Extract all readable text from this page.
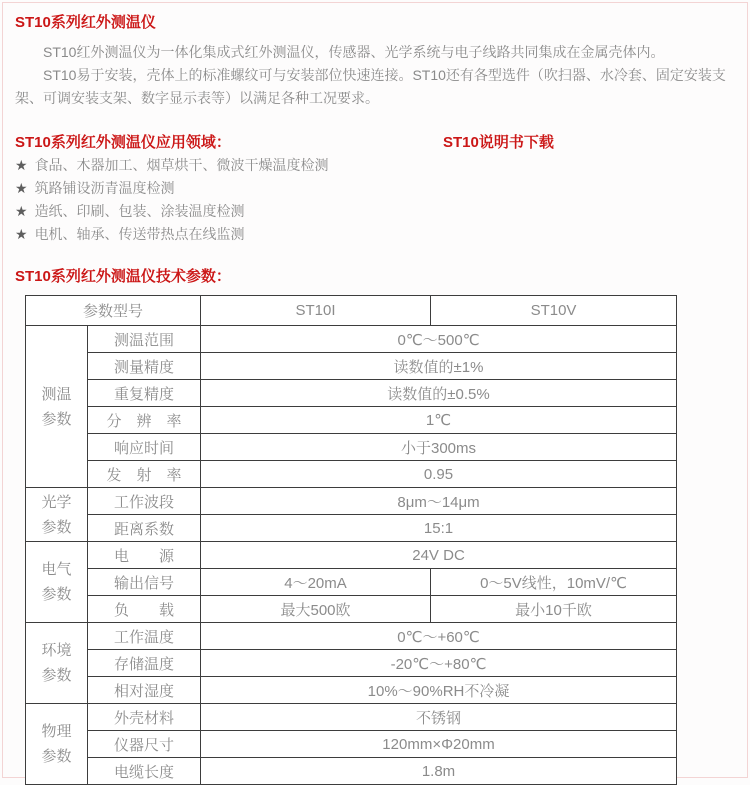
ST10系列红外测温仪

ST10红外测温仪为一体化集成式红外测温仪，传感器、光学系统与电子线路共同集成在金属壳体内。

ST10易于安装，壳体上的标准螺纹可与安装部位快速连接。ST10还有各型选件（吹扫器、水冷套、固定安装支架、可调安装支架、数字显示表等）以满足各种工况要求。

ST10系列红外测温仪应用领域：	ST10说明书下载
★ 食品、木器加工、烟草烘干、微波干燥温度检测
★ 筑路铺设沥青温度检测
★ 造纸、印刷、包装、涂装温度检测
★ 电机、轴承、传送带热点在线监测
ST10系列红外测温仪技术参数：
参数型号		ST10I	ST10V
测温参数	测温范围	0℃～500℃	
	测量精度	读数值的±1%	
	重复精度	读数值的±0.5%	
	分　辨　率	1℃	
	响应时间	小于300ms	
	发　射　率	0.95	
光学参数	工作波段	8μm～14μm	
	距离系数	15:1	
电气参数	电　　源	24V DC	
	输出信号	4～20mA	0～5V线性，10mV/℃
	负　　载	最大500欧	最小10千欧
环境参数	工作温度	0℃～+60℃	
	存储温度	-20℃～+80℃	
	相对湿度	10%～90%RH不冷凝	
物理参数	外壳材料	不锈钢	
	仪器尺寸	120mm×Φ20mm	
	电缆长度	1.8m	
